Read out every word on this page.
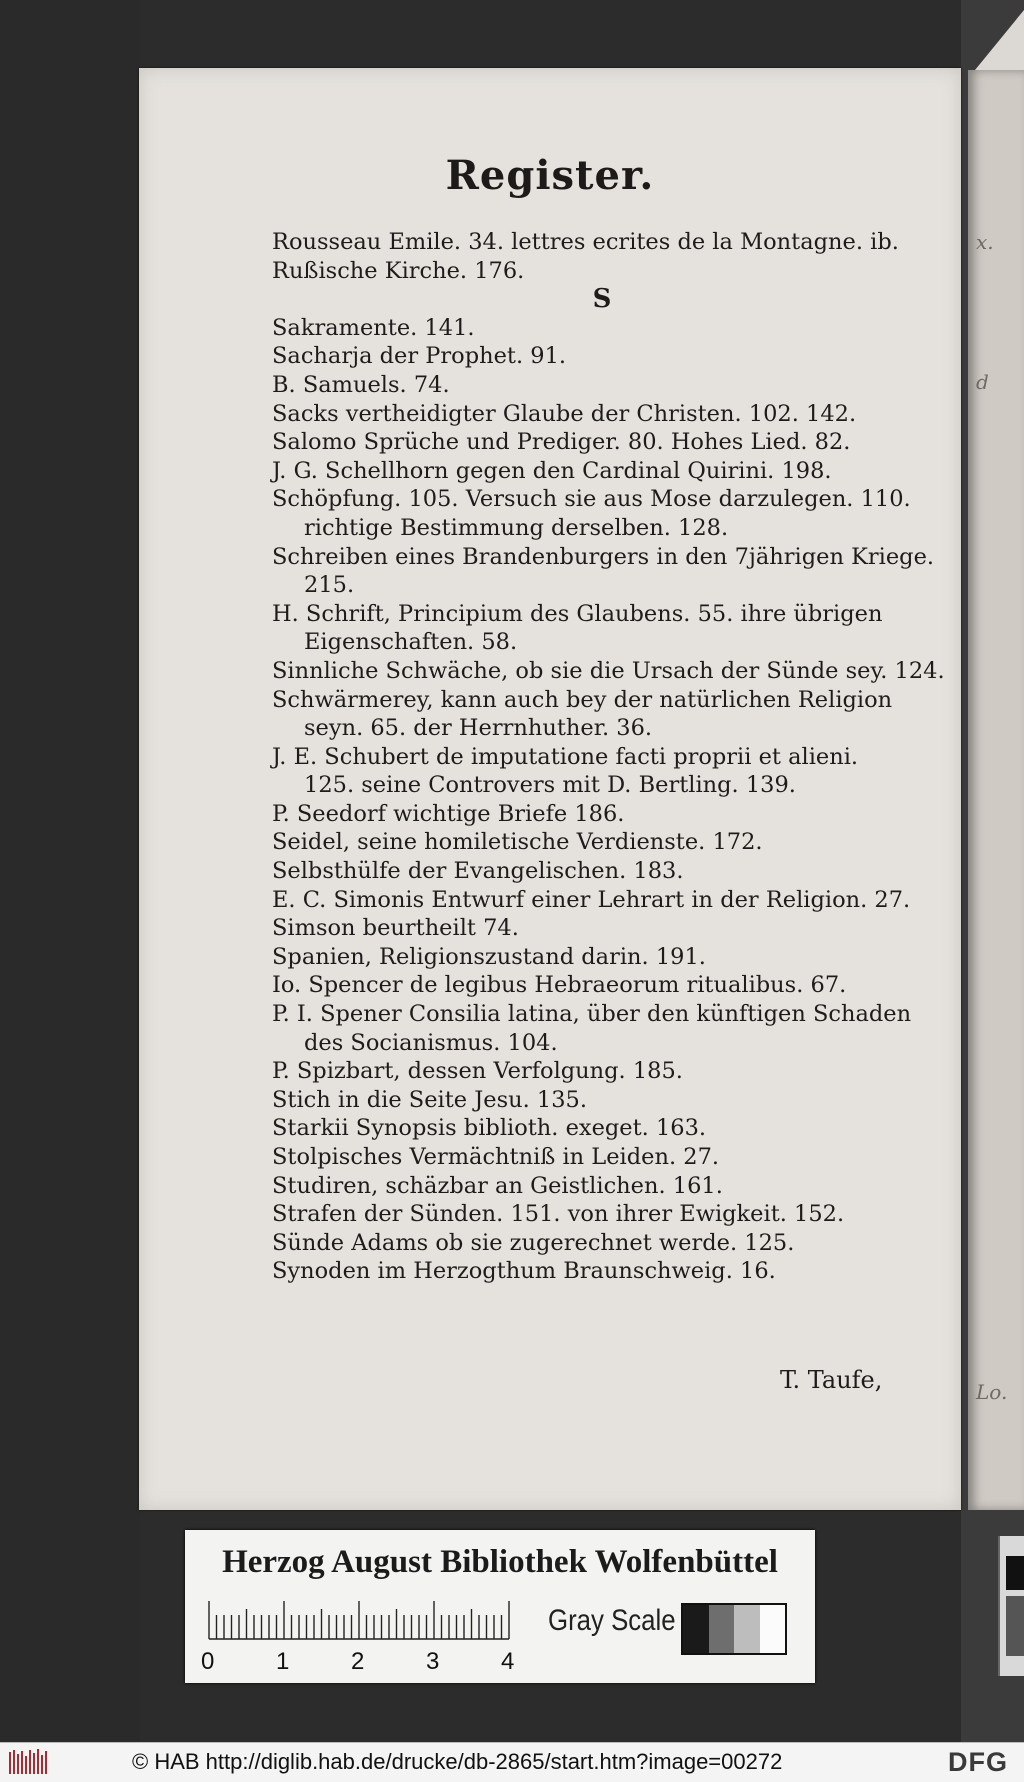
x.
d
Lo.
Register.
Rousseau Emile. 34. lettres ecrites de la Montagne. ib.
Rußische Kirche. 176.
S
Sakramente. 141.
Sacharja der Prophet. 91.
B. Samuels. 74.
Sacks vertheidigter Glaube der Christen. 102. 142.
Salomo Sprüche und Prediger. 80. Hohes Lied. 82.
J. G. Schellhorn gegen den Cardinal Quirini. 198.
Schöpfung. 105. Versuch sie aus Mose darzulegen. 110.
richtige Bestimmung derselben. 128.
Schreiben eines Brandenburgers in den 7jährigen Kriege.
215.
H. Schrift, Principium des Glaubens. 55. ihre übrigen
Eigenschaften. 58.
Sinnliche Schwäche, ob sie die Ursach der Sünde sey. 124.
Schwärmerey, kann auch bey der natürlichen Religion
seyn. 65. der Herrnhuther. 36.
J. E. Schubert de imputatione facti proprii et alieni.
125. seine Controvers mit D. Bertling. 139.
P. Seedorf wichtige Briefe 186.
Seidel, seine homiletische Verdienste. 172.
Selbsthülfe der Evangelischen. 183.
E. C. Simonis Entwurf einer Lehrart in der Religion. 27.
Simson beurtheilt 74.
Spanien, Religionszustand darin. 191.
Io. Spencer de legibus Hebraeorum ritualibus. 67.
P. I. Spener Consilia latina, über den künftigen Schaden
des Socianismus. 104.
P. Spizbart, dessen Verfolgung. 185.
Stich in die Seite Jesu. 135.
Starkii Synopsis biblioth. exeget. 163.
Stolpisches Vermächtniß in Leiden. 27.
Studiren, schäzbar an Geistlichen. 161.
Strafen der Sünden. 151. von ihrer Ewigkeit. 152.
Sünde Adams ob sie zugerechnet werde. 125.
Synoden im Herzogthum Braunschweig. 16.
T. Taufe,
Herzog August Bibliothek Wolfenbüttel
0	1	2	3	4
Gray Scale
© HAB http://diglib.hab.de/drucke/db-2865/start.htm?image=00272	DFG
